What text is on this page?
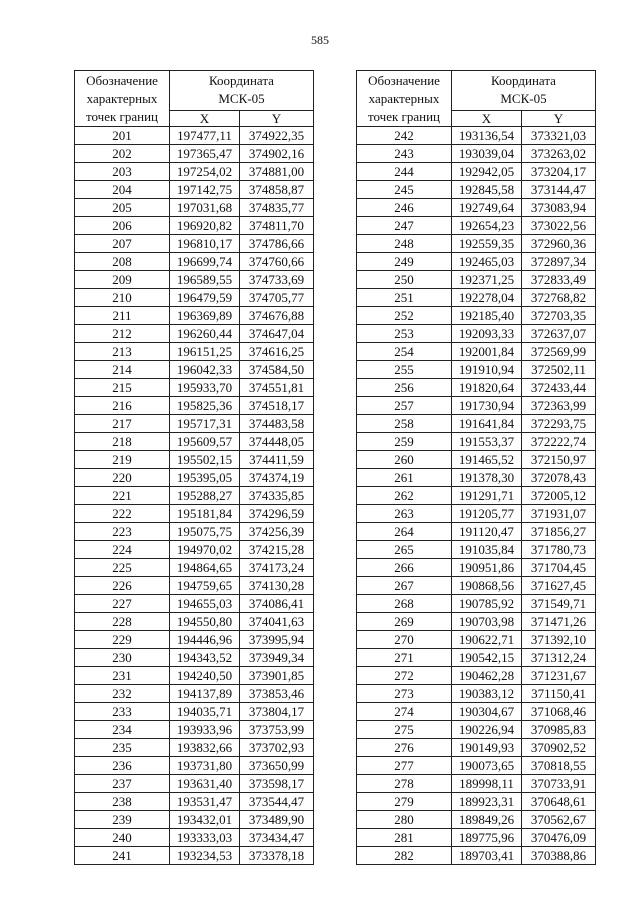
585
Обозначение
характерных
точек границ	Координата
МСК-05	
	X	Y
201	197477,11	374922,35
202	197365,47	374902,16
203	197254,02	374881,00
204	197142,75	374858,87
205	197031,68	374835,77
206	196920,82	374811,70
207	196810,17	374786,66
208	196699,74	374760,66
209	196589,55	374733,69
210	196479,59	374705,77
211	196369,89	374676,88
212	196260,44	374647,04
213	196151,25	374616,25
214	196042,33	374584,50
215	195933,70	374551,81
216	195825,36	374518,17
217	195717,31	374483,58
218	195609,57	374448,05
219	195502,15	374411,59
220	195395,05	374374,19
221	195288,27	374335,85
222	195181,84	374296,59
223	195075,75	374256,39
224	194970,02	374215,28
225	194864,65	374173,24
226	194759,65	374130,28
227	194655,03	374086,41
228	194550,80	374041,63
229	194446,96	373995,94
230	194343,52	373949,34
231	194240,50	373901,85
232	194137,89	373853,46
233	194035,71	373804,17
234	193933,96	373753,99
235	193832,66	373702,93
236	193731,80	373650,99
237	193631,40	373598,17
238	193531,47	373544,47
239	193432,01	373489,90
240	193333,03	373434,47
241	193234,53	373378,18
Обозначение
характерных
точек границ	Координата
МСК-05	
	X	Y
242	193136,54	373321,03
243	193039,04	373263,02
244	192942,05	373204,17
245	192845,58	373144,47
246	192749,64	373083,94
247	192654,23	373022,56
248	192559,35	372960,36
249	192465,03	372897,34
250	192371,25	372833,49
251	192278,04	372768,82
252	192185,40	372703,35
253	192093,33	372637,07
254	192001,84	372569,99
255	191910,94	372502,11
256	191820,64	372433,44
257	191730,94	372363,99
258	191641,84	372293,75
259	191553,37	372222,74
260	191465,52	372150,97
261	191378,30	372078,43
262	191291,71	372005,12
263	191205,77	371931,07
264	191120,47	371856,27
265	191035,84	371780,73
266	190951,86	371704,45
267	190868,56	371627,45
268	190785,92	371549,71
269	190703,98	371471,26
270	190622,71	371392,10
271	190542,15	371312,24
272	190462,28	371231,67
273	190383,12	371150,41
274	190304,67	371068,46
275	190226,94	370985,83
276	190149,93	370902,52
277	190073,65	370818,55
278	189998,11	370733,91
279	189923,31	370648,61
280	189849,26	370562,67
281	189775,96	370476,09
282	189703,41	370388,86
